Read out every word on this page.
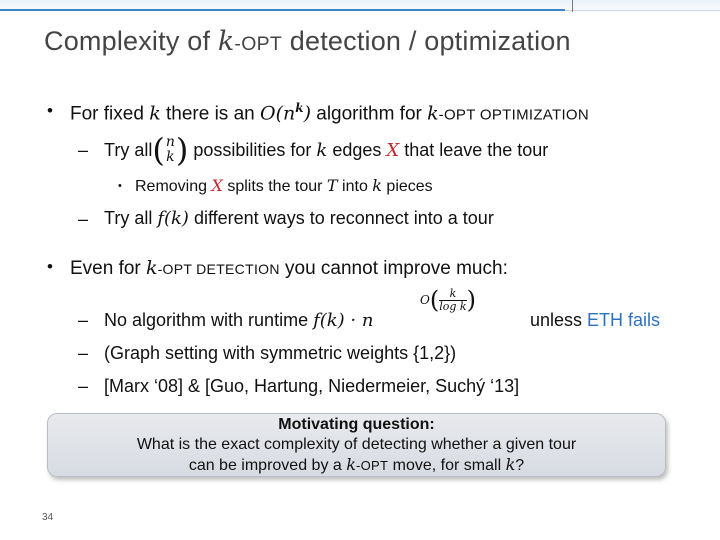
Complexity of k-OPT detection / optimization
• For fixed k there is an $O(n^k)$ algorithm for k-OPT OPTIMIZATION
– Try all ( n
k ) possibilities for k edges X that leave the tour
• Removing X splits the tour T into k pieces
– Try all f(k) different ways to reconnect into a tour
• Even for k-OPT DETECTION you cannot improve much:
– No algorithm with runtime f(k) · n
O ( $\frac{k}{\text{log k}}$ )
unless ETH fails
– (Graph setting with symmetric weights {1,2})
– [Marx ‘08] & [Guo, Hartung, Niedermeier, Suchý ‘13]
Motivating question:
What is the exact complexity of detecting whether a given tour
can be improved by a k-OPT move, for small k?
34
